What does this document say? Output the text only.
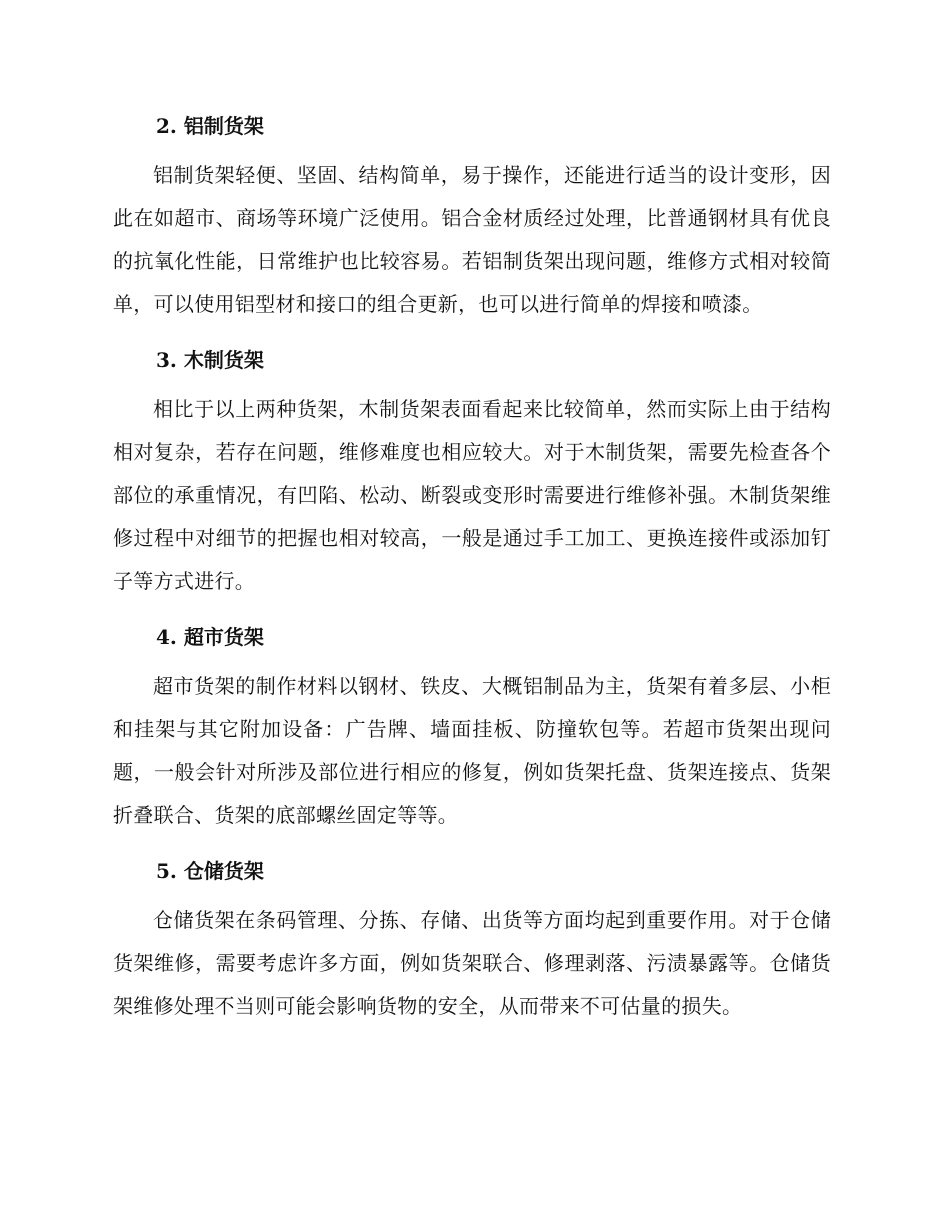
2. 铝制货架

铝制货架轻便、坚固、结构简单，易于操作，还能进行适当的设计变形，因此在如超市、商场等环境广泛使用。铝合金材质经过处理，比普通钢材具有优良的抗氧化性能，日常维护也比较容易。若铝制货架出现问题，维修方式相对较简单，可以使用铝型材和接口的组合更新，也可以进行简单的焊接和喷漆。

3. 木制货架

相比于以上两种货架，木制货架表面看起来比较简单，然而实际上由于结构相对复杂，若存在问题，维修难度也相应较大。对于木制货架，需要先检查各个部位的承重情况，有凹陷、松动、断裂或变形时需要进行维修补强。木制货架维修过程中对细节的把握也相对较高，一般是通过手工加工、更换连接件或添加钉子等方式进行。

4. 超市货架

超市货架的制作材料以钢材、铁皮、大概铝制品为主，货架有着多层、小柜和挂架与其它附加设备：广告牌、墙面挂板、防撞软包等。若超市货架出现问题，一般会针对所涉及部位进行相应的修复，例如货架托盘、货架连接点、货架折叠联合、货架的底部螺丝固定等等。

5. 仓储货架

仓储货架在条码管理、分拣、存储、出货等方面均起到重要作用。对于仓储货架维修，需要考虑许多方面，例如货架联合、修理剥落、污渍暴露等。仓储货架维修处理不当则可能会影响货物的安全，从而带来不可估量的损失。
